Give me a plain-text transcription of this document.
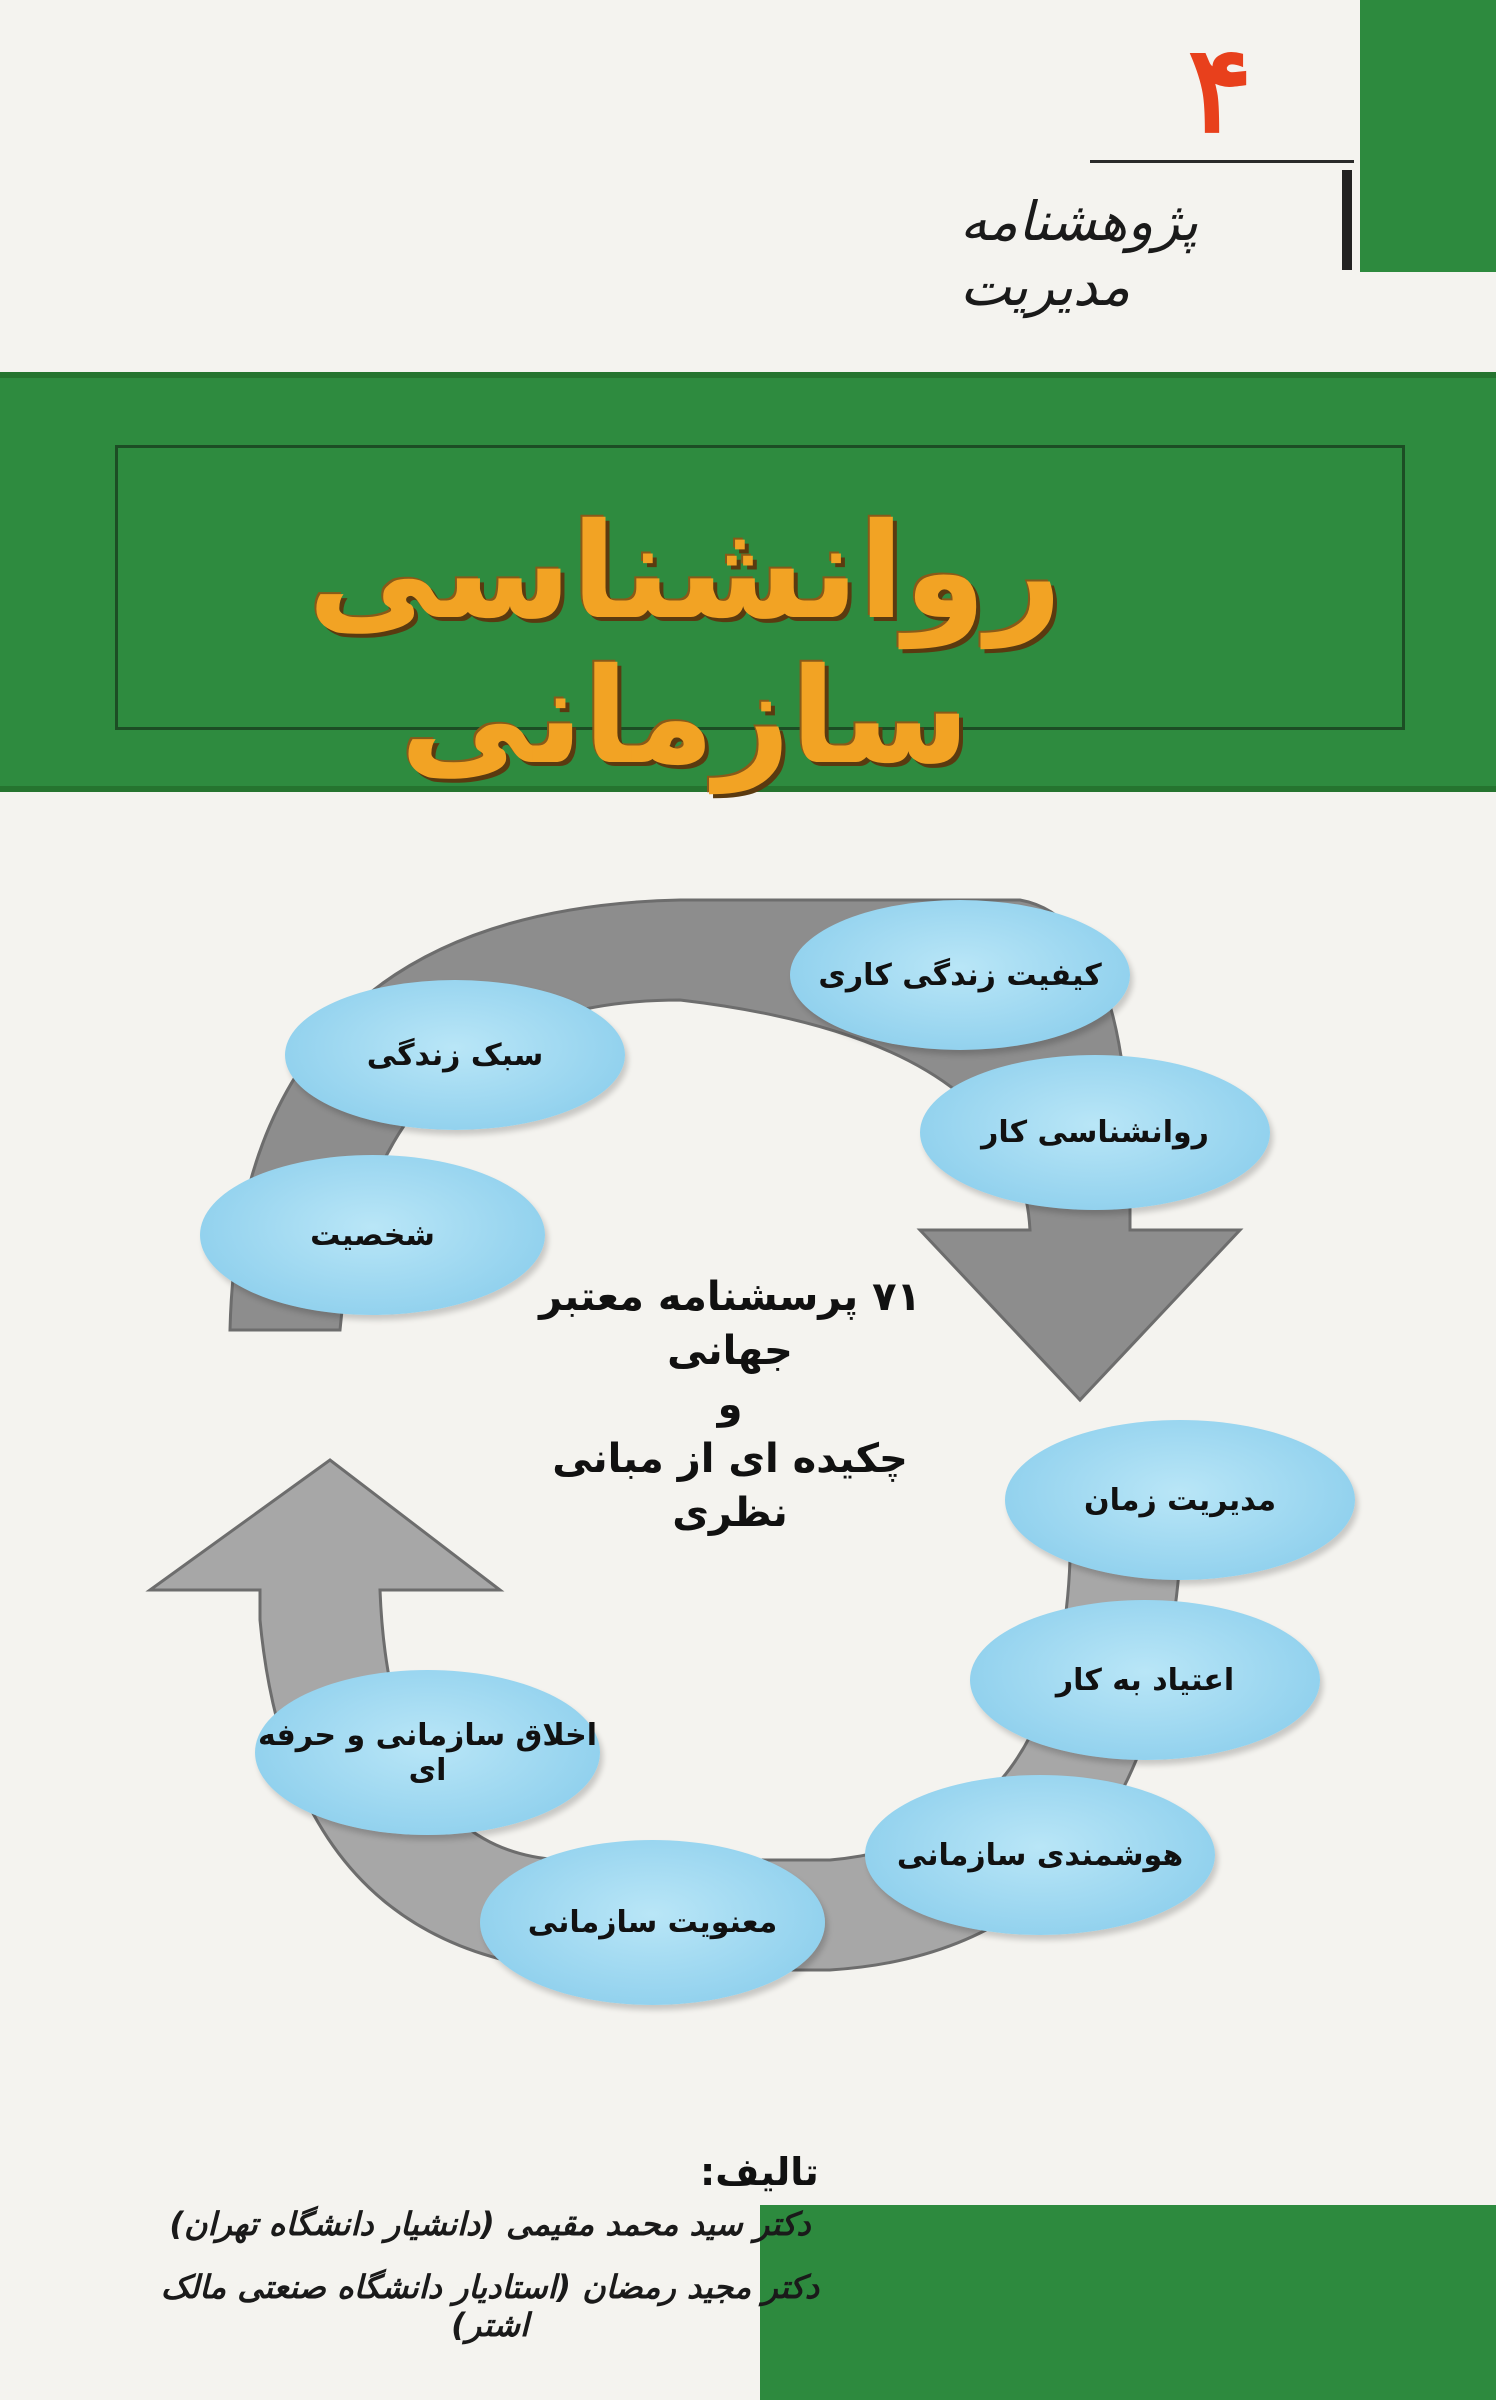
۴
پژوهشنامه مدیریت
روانشناسی سازمانی
کیفیت زندگی کاری
روانشناسی کار
مدیریت زمان
اعتیاد به کار
هوشمندی سازمانی
معنویت سازمانی
اخلاق سازمانی و حرفه ای
شخصیت
سبک زندگی
۷۱ پرسشنامه معتبر جهانی
و
چکیده ای از مبانی نظری
تالیف:
دکتر سید محمد مقیمی (دانشیار دانشگاه تهران)
دکتر مجید رمضان (استادیار دانشگاه صنعتی مالک اشتر)
